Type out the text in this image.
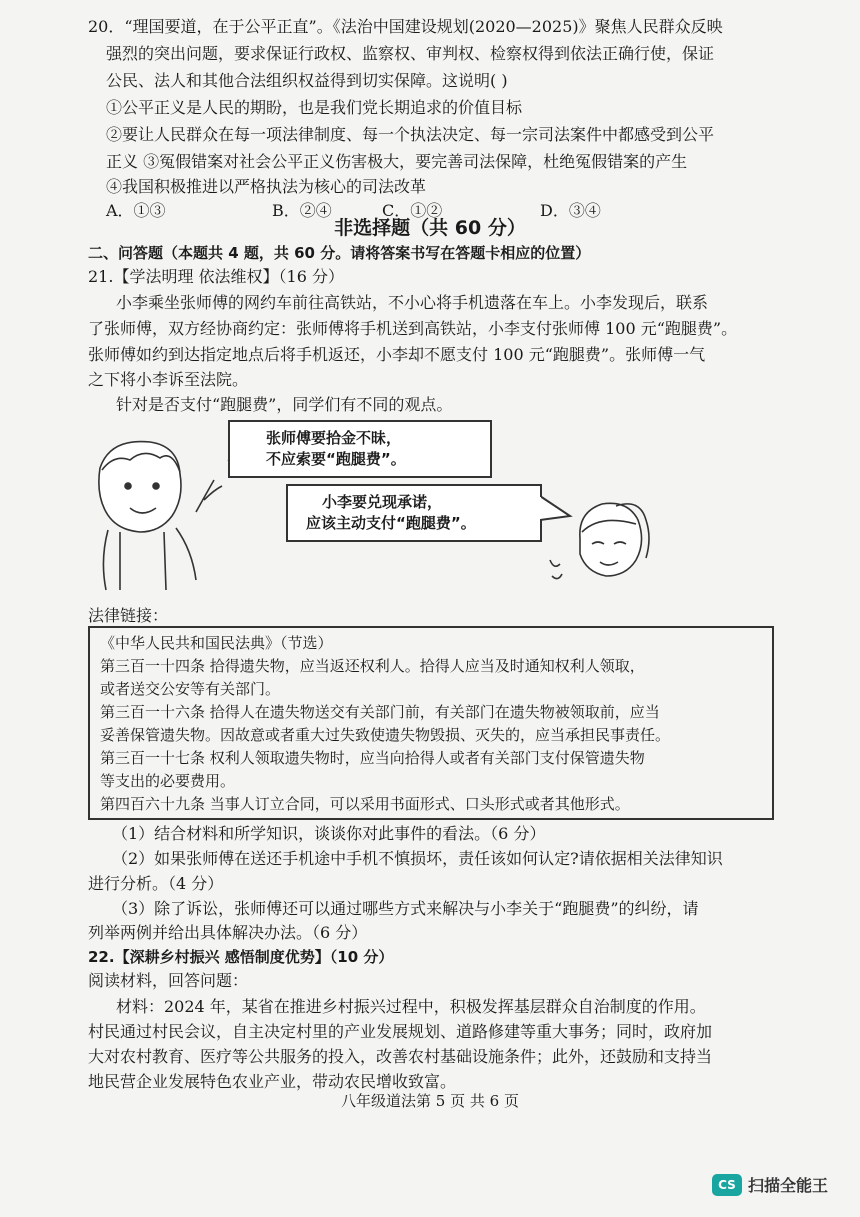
20．“理国要道，在于公平正直”。《法治中国建设规划(2020—2025)》聚焦人民群众反映
强烈的突出问题，要求保证行政权、监察权、审判权、检察权得到依法正确行使，保证
公民、法人和其他合法组织权益得到切实保障。这说明( )
①公平正义是人民的期盼，也是我们党长期追求的价值目标
②要让人民群众在每一项法律制度、每一个执法决定、每一宗司法案件中都感受到公平
正义 ③冤假错案对社会公平正义伤害极大，要完善司法保障，杜绝冤假错案的产生
④我国积极推进以严格执法为核心的司法改革
A．①③	B．②④	C．①②	D．③④
非选择题（共 60 分）
二、问答题（本题共 4 题，共 60 分。请将答案书写在答题卡相应的位置）
21.【学法明理 依法维权】（16 分）
小李乘坐张师傅的网约车前往高铁站，不小心将手机遗落在车上。小李发现后，联系
了张师傅，双方经协商约定：张师傅将手机送到高铁站，小李支付张师傅 100 元“跑腿费”。
张师傅如约到达指定地点后将手机返还，小李却不愿支付 100 元“跑腿费”。张师傅一气
之下将小李诉至法院。
针对是否支付“跑腿费”，同学们有不同的观点。
张师傅要拾金不昧，
不应索要“跑腿费”。
小李要兑现承诺，
应该主动支付“跑腿费”。
法律链接：
《中华人民共和国民法典》（节选）
第三百一十四条 拾得遗失物，应当返还权利人。拾得人应当及时通知权利人领取，
或者送交公安等有关部门。
第三百一十六条 拾得人在遗失物送交有关部门前，有关部门在遗失物被领取前，应当
妥善保管遗失物。因故意或者重大过失致使遗失物毁损、灭失的，应当承担民事责任。
第三百一十七条 权利人领取遗失物时，应当向拾得人或者有关部门支付保管遗失物
等支出的必要费用。
第四百六十九条 当事人订立合同，可以采用书面形式、口头形式或者其他形式。
（1）结合材料和所学知识，谈谈你对此事件的看法。（6 分）
（2）如果张师傅在送还手机途中手机不慎损坏，责任该如何认定?请依据相关法律知识
进行分析。（4 分）
（3）除了诉讼，张师傅还可以通过哪些方式来解决与小李关于“跑腿费”的纠纷，请
列举两例并给出具体解决办法。（6 分）
22.【深耕乡村振兴 感悟制度优势】（10 分）
阅读材料，回答问题：
材料：2024 年，某省在推进乡村振兴过程中，积极发挥基层群众自治制度的作用。
村民通过村民会议，自主决定村里的产业发展规划、道路修建等重大事务；同时，政府加
大对农村教育、医疗等公共服务的投入，改善农村基础设施条件；此外，还鼓励和支持当
地民营企业发展特色农业产业，带动农民增收致富。
八年级道法第 5 页 共 6 页
CS 扫描全能王
